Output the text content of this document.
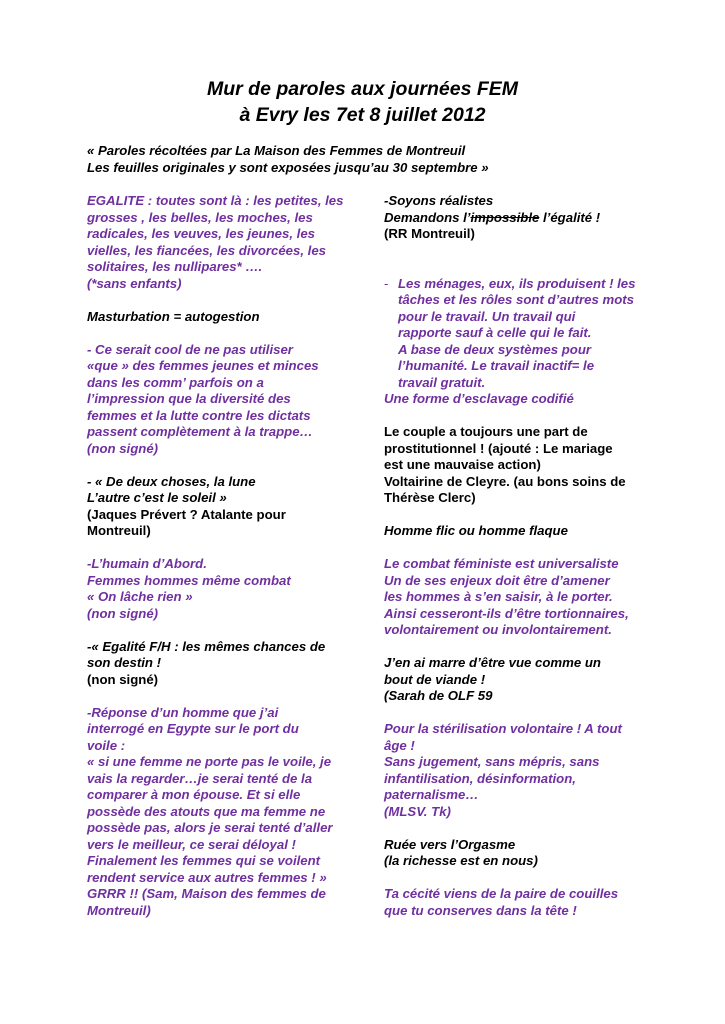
Mur de paroles aux journées FEM
à Evry les 7et 8 juillet 2012
« Paroles récoltées par La Maison des Femmes de Montreuil
Les feuilles originales y sont exposées jusqu’au 30 septembre »
EGALITE : toutes sont là : les petites, les
grosses , les belles, les moches, les
radicales, les veuves, les jeunes, les
vielles, les fiancées, les divorcées, les
solitaires, les nullipares* ….
(*sans enfants)
Masturbation = autogestion
- Ce serait cool de ne pas utiliser
«que » des femmes jeunes et minces
dans les comm’ parfois on a
l’impression que la diversité des
femmes et la lutte contre les dictats
passent complètement à la trappe…
(non signé)
- « De deux choses, la lune
L’autre c’est le soleil »
(Jaques Prévert ? Atalante pour
Montreuil)
-L’humain d’Abord.
Femmes hommes même combat
« On lâche rien »
(non signé)
-« Egalité F/H : les mêmes chances de
son destin !
(non signé)
-Réponse d’un homme que j’ai
interrogé en Egypte sur le port du
voile :
« si une femme ne porte pas le voile, je
vais la regarder…je serai tenté de la
comparer à mon épouse. Et si elle
possède des atouts que ma femme ne
possède pas, alors je serai tenté d’aller
vers le meilleur, ce serai déloyal !
Finalement les femmes qui se voilent
rendent service aux autres femmes ! »
GRRR !! (Sam, Maison des femmes de
Montreuil)
-Soyons réalistes
Demandons l’impossible l’égalité !
(RR Montreuil)
- Les ménages, eux, ils produisent ! les
tâches et les rôles sont d’autres mots
pour le travail. Un travail qui
rapporte sauf à celle qui le fait.
A base de deux systèmes pour
l’humanité. Le travail inactif= le
travail gratuit.
Une forme d’esclavage codifié
Le couple a toujours une part de
prostitutionnel ! (ajouté : Le mariage
est une mauvaise action)
Voltairine de Cleyre. (au bons soins de
Thérèse Clerc)
Homme flic ou homme flaque
Le combat féministe est universaliste
Un de ses enjeux doit être d’amener
les hommes à s’en saisir, à le porter.
Ainsi cesseront-ils d’être tortionnaires,
volontairement ou involontairement.
J’en ai marre d’être vue comme un
bout de viande !
(Sarah de OLF 59
Pour la stérilisation volontaire ! A tout
âge !
Sans jugement, sans mépris, sans
infantilisation, désinformation,
paternalisme…
(MLSV. Tk)
Ruée vers l’Orgasme
(la richesse est en nous)
Ta cécité viens de la paire de couilles
que tu conserves dans la tête !
